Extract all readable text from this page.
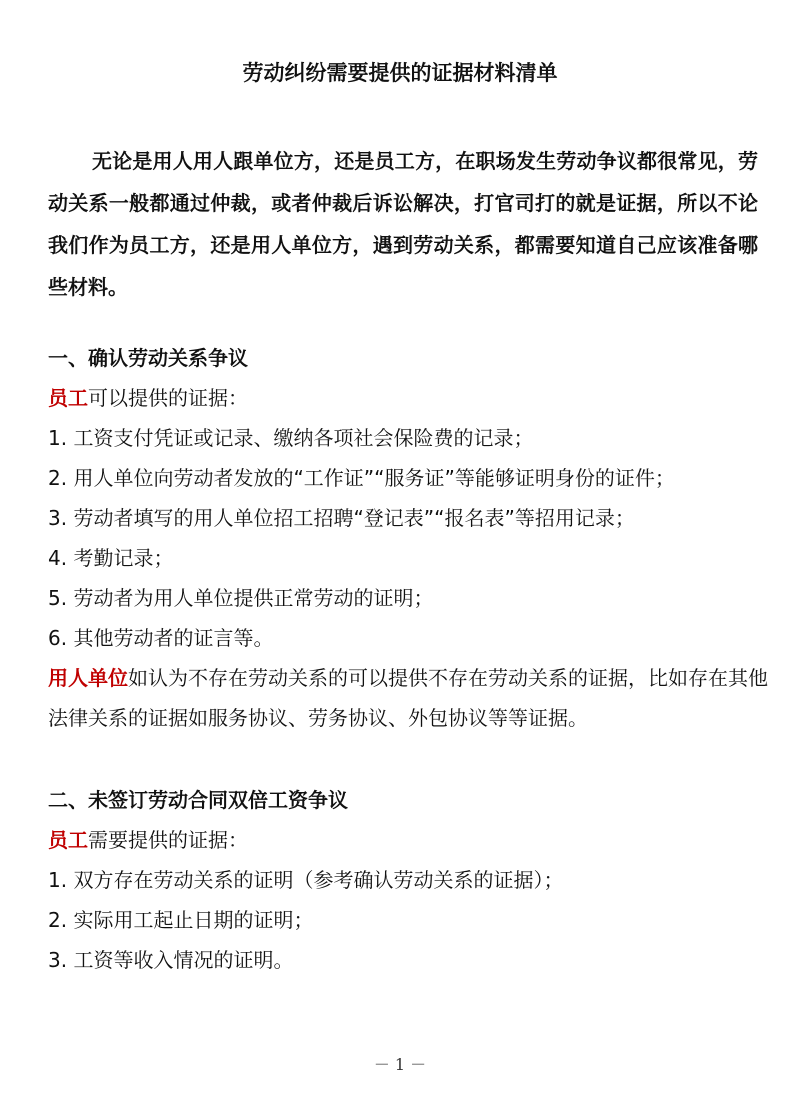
劳动纠纷需要提供的证据材料清单
无论是用人用人跟单位方，还是员工方，在职场发生劳动争议都很常见，劳动关系一般都通过仲裁，或者仲裁后诉讼解决，打官司打的就是证据，所以不论我们作为员工方，还是用人单位方，遇到劳动关系，都需要知道自己应该准备哪些材料。
一、确认劳动关系争议
员工可以提供的证据：
1. 工资支付凭证或记录、缴纳各项社会保险费的记录；
2. 用人单位向劳动者发放的“工作证”“服务证”等能够证明身份的证件；
3. 劳动者填写的用人单位招工招聘“登记表”“报名表”等招用记录；
4. 考勤记录；
5. 劳动者为用人单位提供正常劳动的证明；
6. 其他劳动者的证言等。
用人单位如认为不存在劳动关系的可以提供不存在劳动关系的证据，比如存在其他法律关系的证据如服务协议、劳务协议、外包协议等等证据。
二、未签订劳动合同双倍工资争议
员工需要提供的证据：
1. 双方存在劳动关系的证明（参考确认劳动关系的证据）；
2. 实际用工起止日期的证明；
3. 工资等收入情况的证明。
－ 1 －
